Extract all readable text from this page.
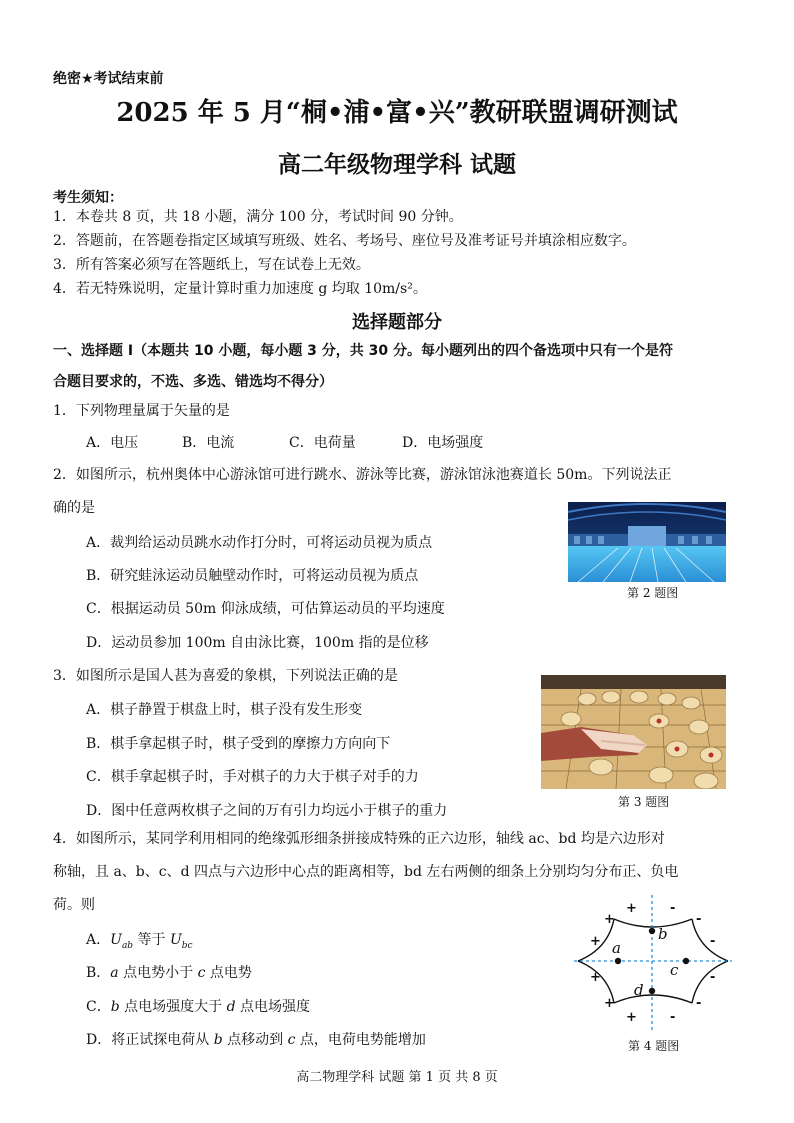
绝密★考试结束前
2025 年 5 月“桐•浦•富•兴”教研联盟调研测试
高二年级物理学科 试题
考生须知：
1．本卷共 8 页，共 18 小题，满分 100 分，考试时间 90 分钟。
2．答题前，在答题卷指定区域填写班级、姓名、考场号、座位号及准考证号并填涂相应数字。
3．所有答案必须写在答题纸上，写在试卷上无效。
4．若无特殊说明，定量计算时重力加速度 g 均取 10m/s²。
选择题部分
一、选择题 I（本题共 10 小题，每小题 3 分，共 30 分。每小题列出的四个备选项中只有一个是符
合题目要求的，不选、多选、错选均不得分）
1．下列物理量属于矢量的是
A．电压	B．电流	C．电荷量	D．电场强度
2．如图所示，杭州奥体中心游泳馆可进行跳水、游泳等比赛，游泳馆泳池赛道长 50m。下列说法正
确的是
A．裁判给运动员跳水动作打分时，可将运动员视为质点
B．研究蛙泳运动员触壁动作时，可将运动员视为质点
C．根据运动员 50m 仰泳成绩，可估算运动员的平均速度
D．运动员参加 100m 自由泳比赛，100m 指的是位移
第 2 题图
3．如图所示是国人甚为喜爱的象棋，下列说法正确的是
A．棋子静置于棋盘上时，棋子没有发生形变
B．棋手拿起棋子时，棋子受到的摩擦力方向向下
C．棋手拿起棋子时，手对棋子的力大于棋子对手的力
D．图中任意两枚棋子之间的万有引力均远小于棋子的重力
第 3 题图
4．如图所示，某同学利用相同的绝缘弧形细条拼接成特殊的正六边形，轴线 ac、bd 均是六边形对
称轴，且 a、b、c、d 四点与六边形中心点的距离相等，bd 左右两侧的细条上分别均匀分布正、负电
荷。则
A．$U_{ab}$ 等于 $U_{bc}$
B．a 点电势小于 c 点电势
C．b 点电场强度大于 d 点电场强度
D．将正试探电荷从 b 点移动到 c 点，电荷电势能增加
a
b
c
d
+
+
+
+
+
+
-
-
-
-
-
-
第 4 题图
高二物理学科 试题 第 1 页 共 8 页
